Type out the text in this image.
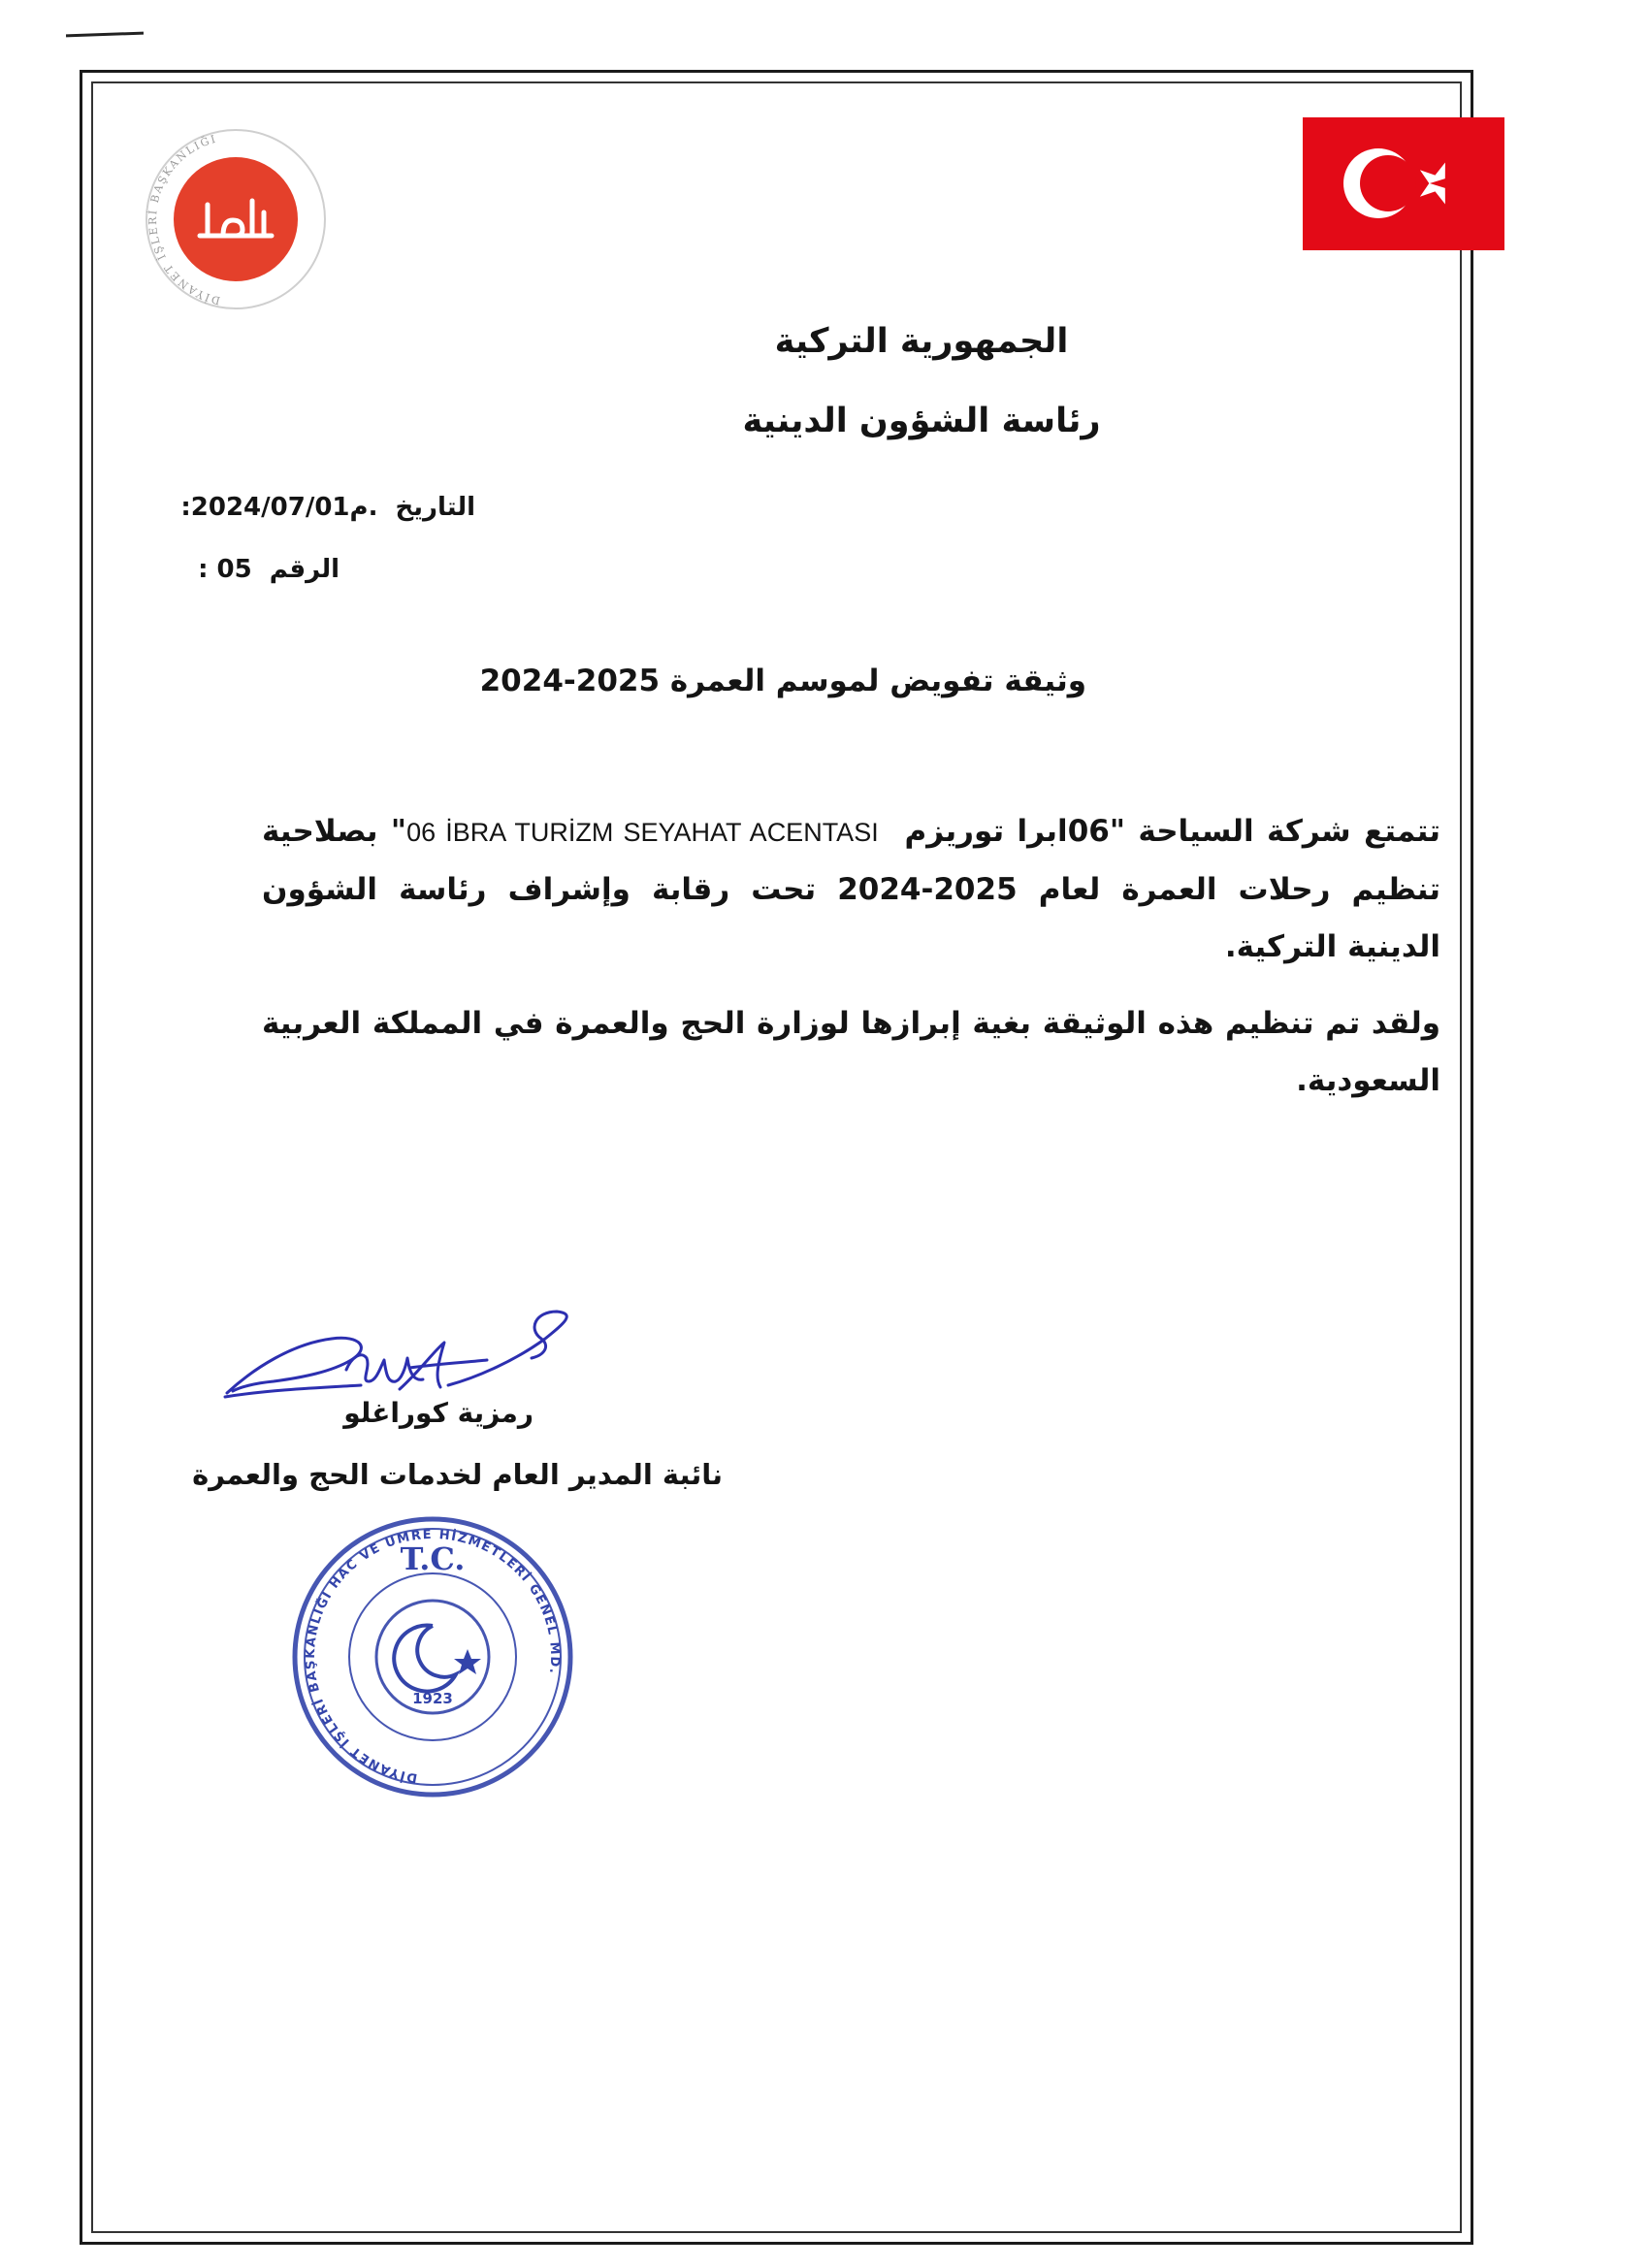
DİYANET İŞLERİ BAŞKANLIĞI
الجمهورية التركية
رئاسة الشؤون الدينية
التاريخ
:2024/07/01م.
الرقم
: 05
وثيقة تفويض لموسم العمرة 2025-2024
تتمتع شركة السياحة "06ابرا توريزم  06 İBRA TURİZM SEYAHAT ACENTASI" بصلاحية تنظيم رحلات العمرة لعام 2025-2024 تحت رقابة وإشراف رئاسة الشؤون الدينية التركية.
ولقد تم تنظيم هذه الوثيقة بغية إبرازها لوزارة الحج والعمرة في المملكة العربية السعودية.
رمزية كوراغلو
نائبة المدير العام لخدمات الحج والعمرة
T.C.
DİYANET İŞLERİ BAŞKANLIĞI HAC VE UMRE HİZMETLERİ GENEL MD.
1923
